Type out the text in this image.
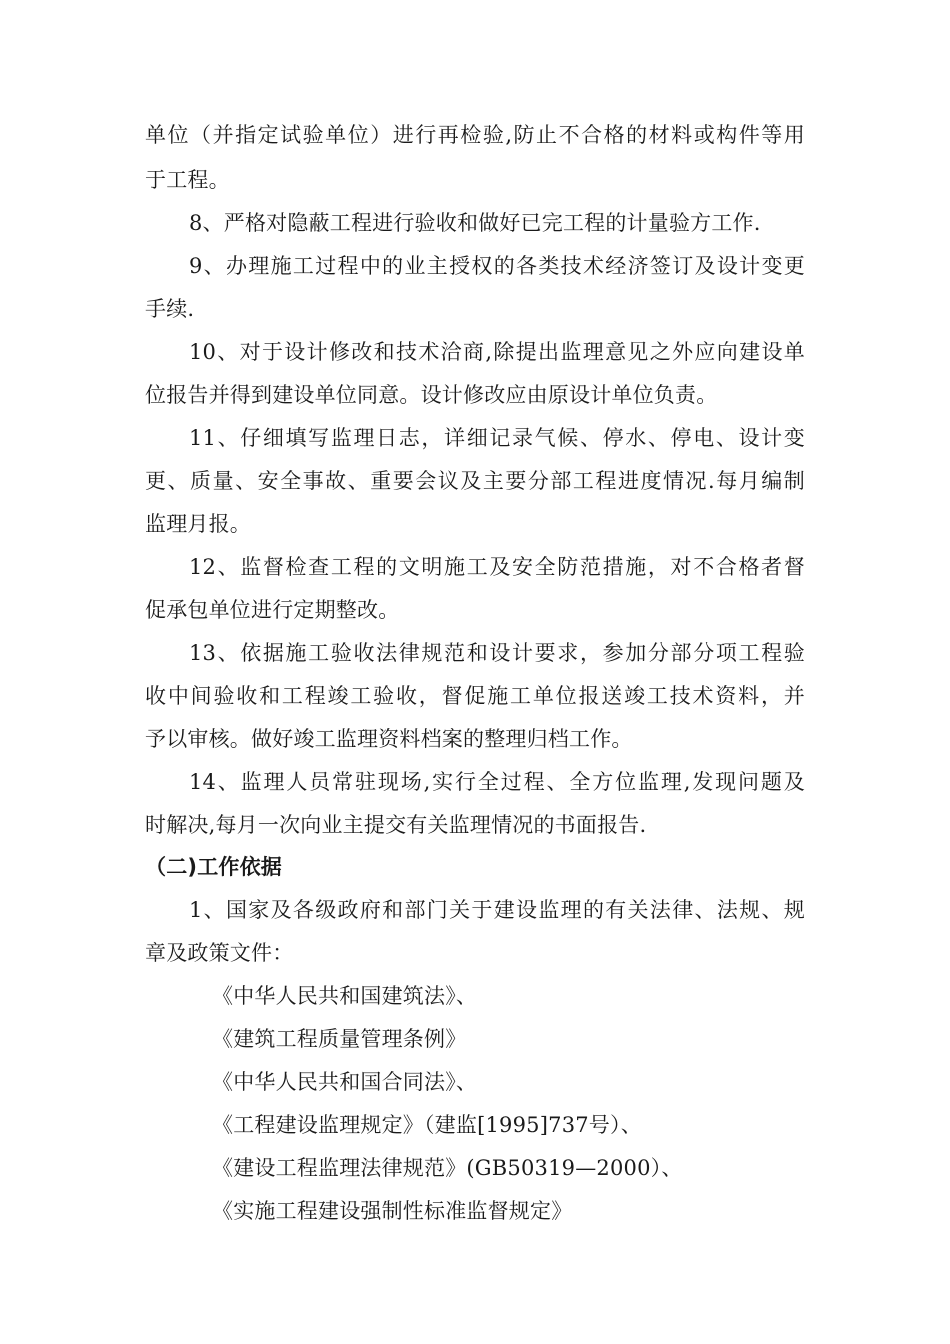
单位（并指定试验单位）进行再检验,防止不合格的材料或构件等用
于工程。
8、严格对隐蔽工程进行验收和做好已完工程的计量验方工作.
9、办理施工过程中的业主授权的各类技术经济签订及设计变更
手续.
10、对于设计修改和技术洽商,除提出监理意见之外应向建设单
位报告并得到建设单位同意。设计修改应由原设计单位负责。
11、仔细填写监理日志，详细记录气候、停水、停电、设计变
更、质量、安全事故、重要会议及主要分部工程进度情况.每月编制
监理月报。
12、监督检查工程的文明施工及安全防范措施，对不合格者督
促承包单位进行定期整改。
13、依据施工验收法律规范和设计要求，参加分部分项工程验
收中间验收和工程竣工验收，督促施工单位报送竣工技术资料，并
予以审核。做好竣工监理资料档案的整理归档工作。
14、监理人员常驻现场,实行全过程、全方位监理,发现问题及
时解决,每月一次向业主提交有关监理情况的书面报告.
（二)工作依据
1、国家及各级政府和部门关于建设监理的有关法律、法规、规
章及政策文件：
《中华人民共和国建筑法》、
《建筑工程质量管理条例》
《中华人民共和国合同法》、
《工程建设监理规定》（建监[1995]737号）、
《建设工程监理法律规范》(GB50319—2000）、
《实施工程建设强制性标准监督规定》
